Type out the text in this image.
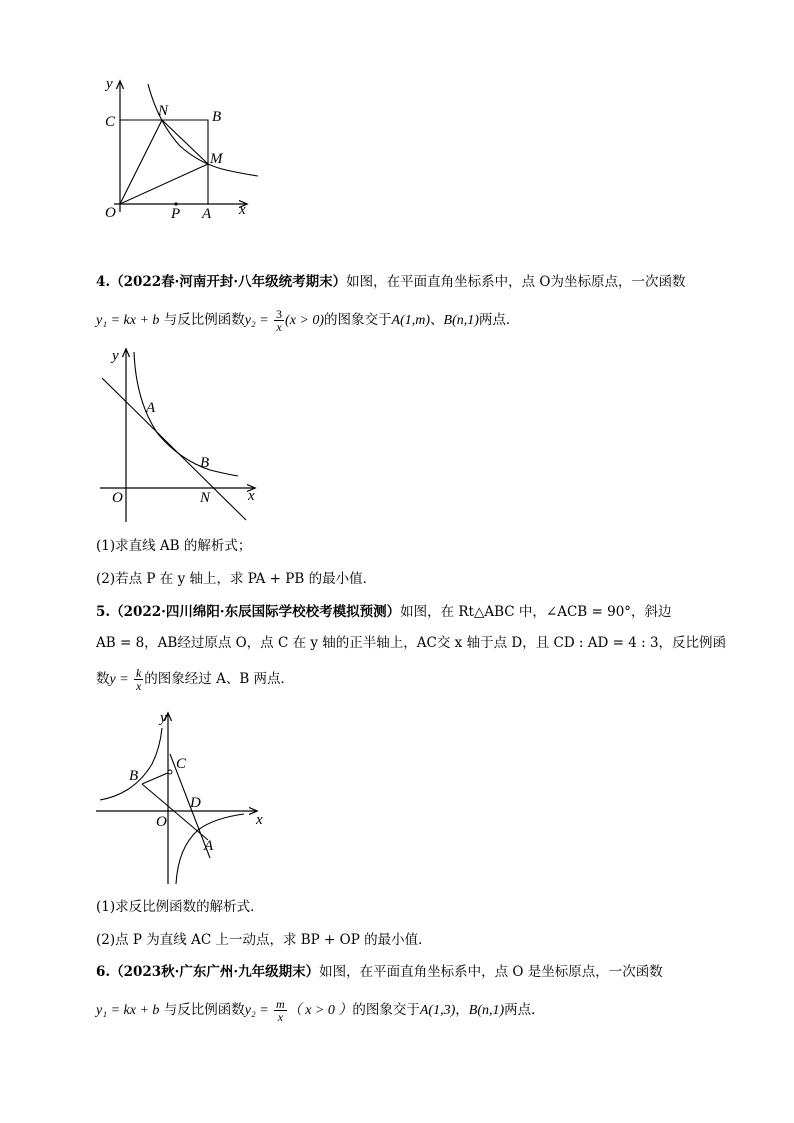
y
C
N	B
M
O	P A x
4.（2022春·河南开封·八年级统考期末）如图，在平面直角坐标系中，点 O为坐标原点，一次函数
y₁ = kx + b 与反比例函数$y_2 = \frac{3}{x} (x > 0)$的图象交于A(1,m)、B(n,1)两点．
y
A
B
O	N	x
(1)求直线 AB 的解析式；
(2)若点 P 在 y 轴上，求 PA + PB 的最小值．
5.（2022·四川绵阳·东辰国际学校校考模拟预测）如图，在 Rt△ABC 中，∠ACB = 90°，斜边
AB = 8，AB经过原点 O，点 C 在 y 轴的正半轴上，AC交 x 轴于点 D，且 CD : AD = 4 : 3，反比例函
数$y = \frac{k}{x}$ 的图象经过 A、B 两点．
y
C
B
D
O	x
A
(1)求反比例函数的解析式．
(2)点 P 为直线 AC 上一动点，求 BP + OP 的最小值．
6.（2023秋·广东广州·九年级期末）如图，在平面直角坐标系中，点 O 是坐标原点，一次函数
y₁ = kx + b 与反比例函数$y_2 = \frac{m}{x}$ （ x > 0 ）的图象交于A(1,3)，B(n,1)两点．
